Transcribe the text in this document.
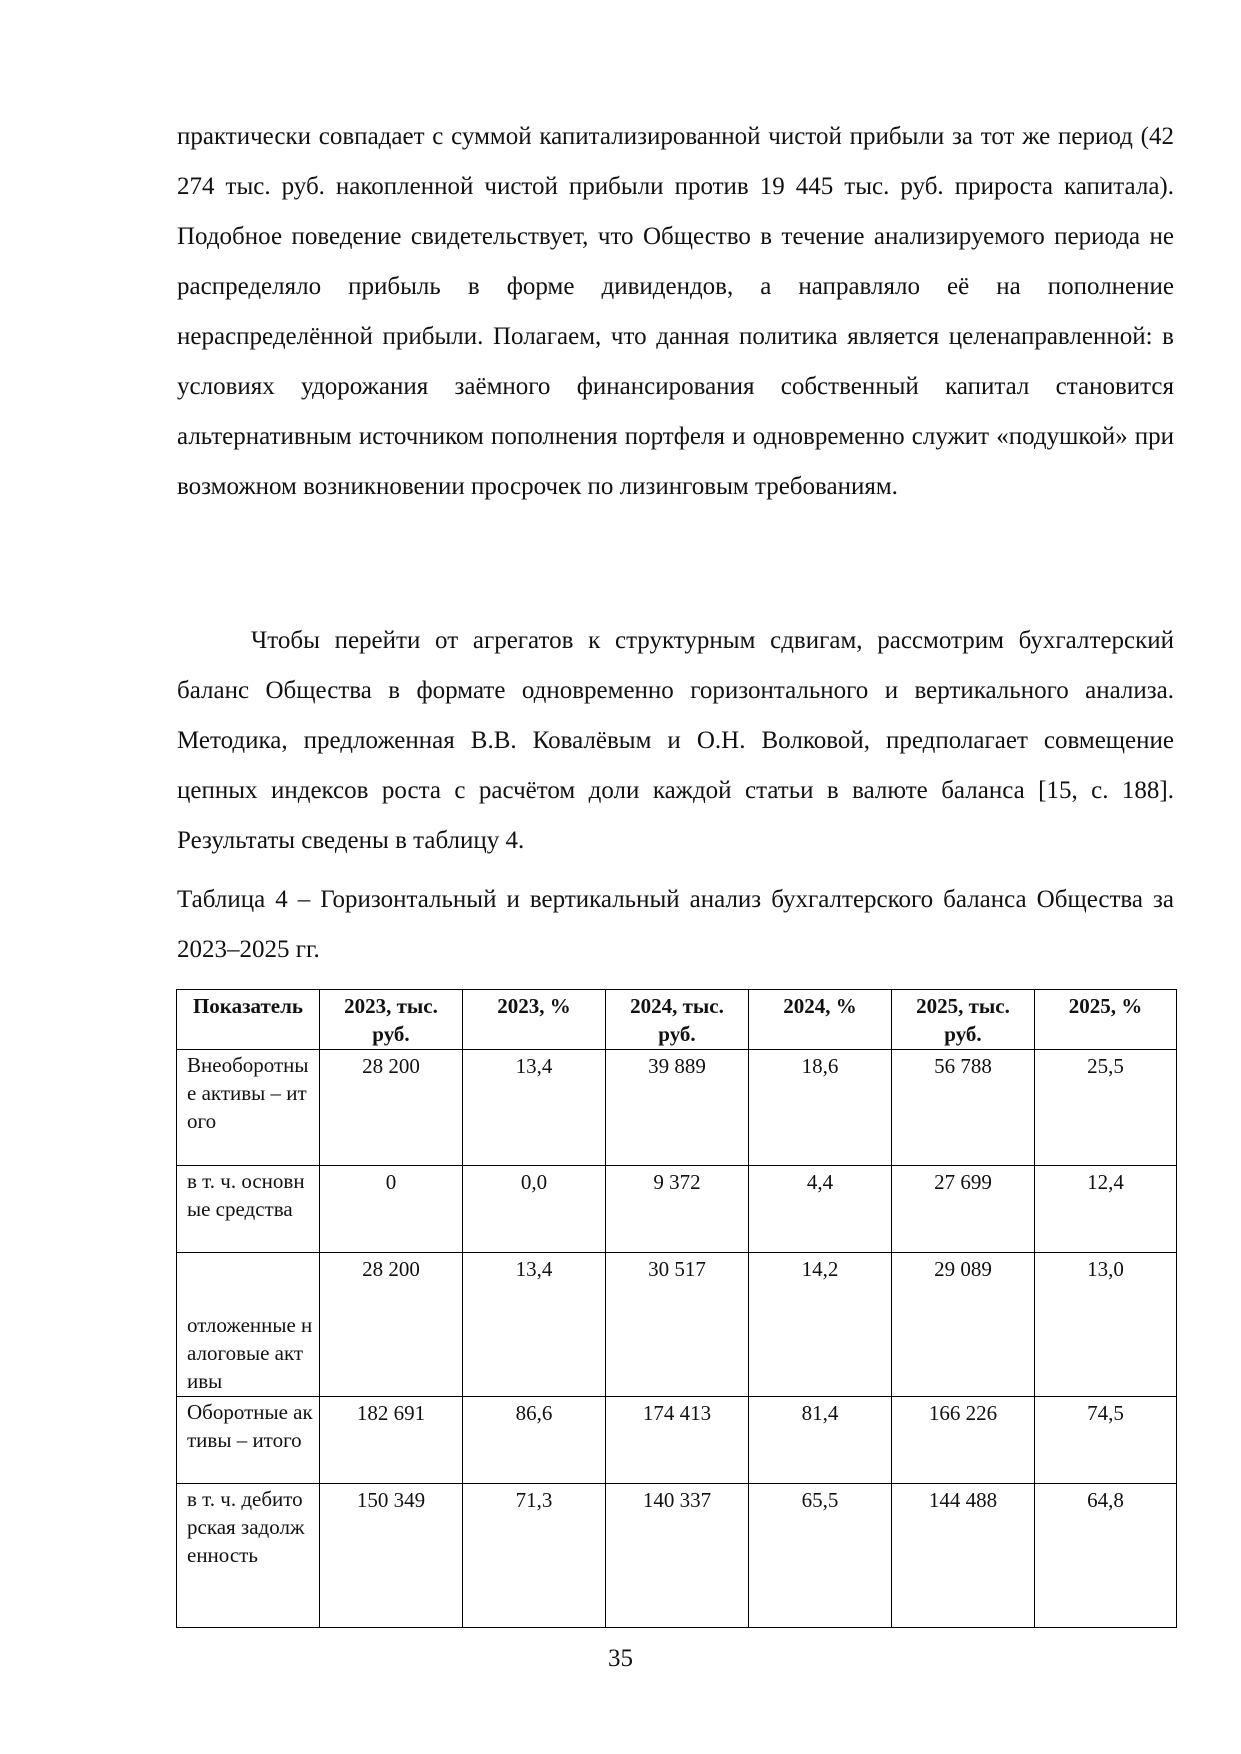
практически совпадает с суммой капитализированной чистой прибыли за тот же период (42 274 тыс. руб. накопленной чистой прибыли против 19 445 тыс. руб. прироста капитала). Подобное поведение свидетельствует, что Общество в течение анализируемого периода не распределяло прибыль в форме дивидендов, а направляло её на пополнение нераспределённой прибыли. Полагаем, что данная политика является целенаправленной: в условиях удорожания заёмного финансирования собственный капитал становится альтернативным источником пополнения портфеля и одновременно служит «подушкой» при возможном возникновении просрочек по лизинговым требованиям.

Чтобы перейти от агрегатов к структурным сдвигам, рассмотрим бухгалтерский баланс Общества в формате одновременно горизонтального и вертикального анализа. Методика, предложенная В.В. Ковалёвым и О.Н. Волковой, предполагает совмещение цепных индексов роста с расчётом доли каждой статьи в валюте баланса [15, с. 188]. Результаты сведены в таблицу 4.

Таблица 4 – Горизонтальный и вертикальный анализ бухгалтерского баланса Общества за 2023–2025 гг.

Показатель	2023, тыс. руб.	2023, %	2024, тыс. руб.	2024, %	2025, тыс. руб.	2025, %
Внеоборотные активы – итого	28 200	13,4	39 889	18,6	56 788	25,5
в т. ч. основные средства	0	0,0	9 372	4,4	27 699	12,4
отложенные налоговые активы	28 200	13,4	30 517	14,2	29 089	13,0
Оборотные активы – итого	182 691	86,6	174 413	81,4	166 226	74,5
в т. ч. дебиторская задолженность	150 349	71,3	140 337	65,5	144 488	64,8
35
